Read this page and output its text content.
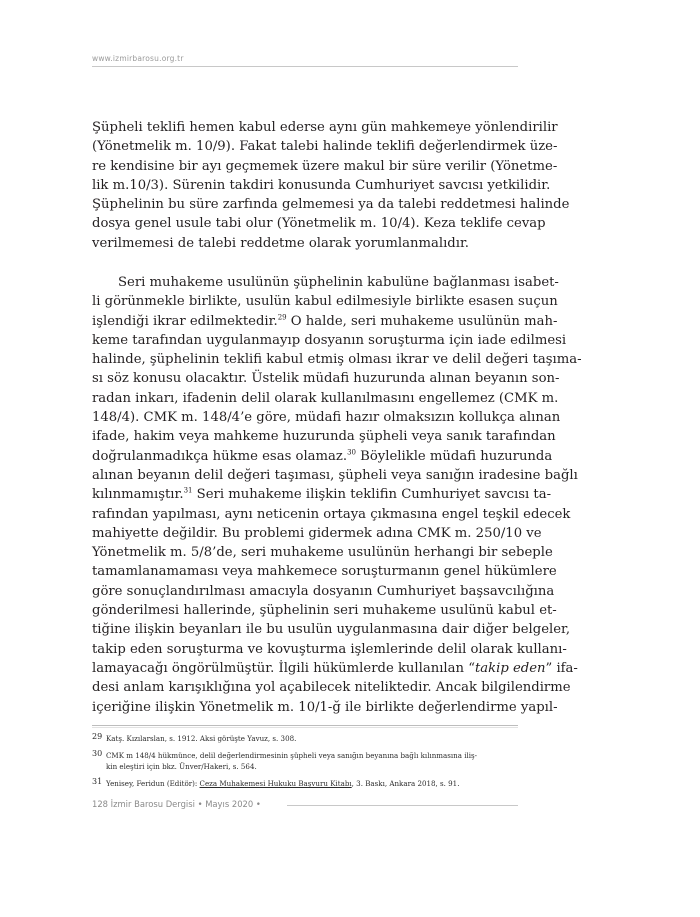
www.izmirbarosu.org.tr
Şüpheli teklifi hemen kabul ederse aynı gün mahkemeye yönlendirilir
(Yönetmelik m. 10/9). Fakat talebi halinde teklifi değerlendirmek üze-
re kendisine bir ayı geçmemek üzere makul bir süre verilir (Yönetme-
lik m.10/3). Sürenin takdiri konusunda Cumhuriyet savcısı yetkilidir.
Şüphelinin bu süre zarfında gelmemesi ya da talebi reddetmesi halinde
dosya genel usule tabi olur (Yönetmelik m. 10/4). Keza teklife cevap
verilmemesi de talebi reddetme olarak yorumlanmalıdır.
Seri muhakeme usulünün şüphelinin kabulüne bağlanması isabet-
li görünmekle birlikte, usulün kabul edilmesiyle birlikte esasen suçun
işlendiği ikrar edilmektedir.$^{29}$ O halde, seri muhakeme usulünün mah-
keme tarafından uygulanmayıp dosyanın soruşturma için iade edilmesi
halinde, şüphelinin teklifi kabul etmiş olması ikrar ve delil değeri taşıma-
sı söz konusu olacaktır. Üstelik müdafi huzurunda alınan beyanın son-
radan inkarı, ifadenin delil olarak kullanılmasını engellemez (CMK m.
148/4). CMK m. 148/4’e göre, müdafi hazır olmaksızın kollukça alınan
ifade, hakim veya mahkeme huzurunda şüpheli veya sanık tarafından
doğrulanmadıkça hükme esas olamaz.$^{30}$ Böylelikle müdafi huzurunda
alınan beyanın delil değeri taşıması, şüpheli veya sanığın iradesine bağlı
kılınmamıştır.$^{31}$ Seri muhakeme ilişkin teklifin Cumhuriyet savcısı ta-
rafından yapılması, aynı neticenin ortaya çıkmasına engel teşkil edecek
mahiyette değildir. Bu problemi gidermek adına CMK m. 250/10 ve
Yönetmelik m. 5/8’de, seri muhakeme usulünün herhangi bir sebeple
tamamlanamaması veya mahkemece soruşturmanın genel hükümlere
göre sonuçlandırılması amacıyla dosyanın Cumhuriyet başsavcılığına
gönderilmesi hallerinde, şüphelinin seri muhakeme usulünü kabul et-
tiğine ilişkin beyanları ile bu usulün uygulanmasına dair diğer belgeler,
takip eden soruşturma ve kovuşturma işlemlerinde delil olarak kullanı-
lamayacağı öngörülmüştür. İlgili hükümlerde kullanılan “takip eden” ifa-
desi anlam karışıklığına yol açabilecek niteliktedir. Ancak bilgilendirme
içeriğine ilişkin Yönetmelik m. 10/1-ğ ile birlikte değerlendirme yapıl-
29 Katş. Kızılarslan, s. 1912. Aksi görüşte Yavuz, s. 308.
30 CMK m 148/4 hükmünce, delil değerlendirmesinin şüpheli veya sanığın beyanına bağlı kılınmasına iliş-
kin eleştiri için bkz. Ünver/Hakeri, s. 564.
31 Yenisey, Feridun (Editör): Ceza Muhakemesi Hukuku Başvuru Kitabı, 3. Baskı, Ankara 2018, s. 91.
128 İzmir Barosu Dergisi • Mayıs 2020 •
